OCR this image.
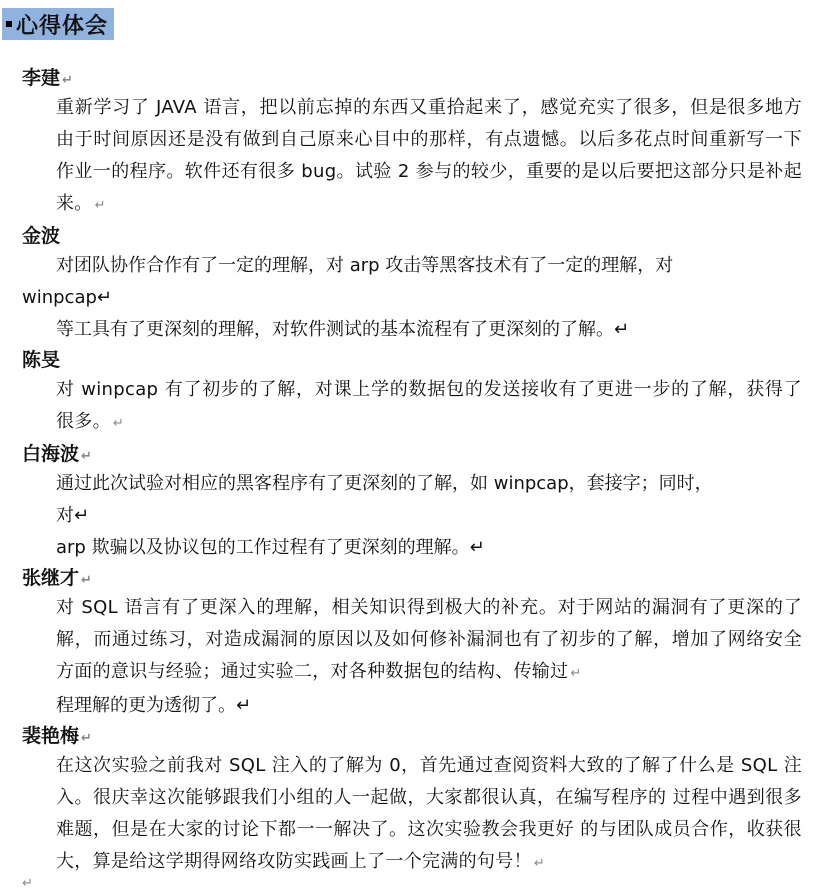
心得体会
李建 ↵
重新学习了 JAVA 语言，把以前忘掉的东西又重拾起来了，感觉充实了很多，但是很多地方由于时间原因还是没有做到自己原来心目中的那样，有点遗憾。以后多花点时间重新写一下作业一的程序。软件还有很多 bug。试验 2 参与的较少，重要的是以后要把这部分只是补起来。 ↵
金波
对团队协作合作有了一定的理解，对 arp 攻击等黑客技术有了一定的理解，对
winpcap↵
等工具有了更深刻的理解，对软件测试的基本流程有了更深刻的了解。↵
陈旻
对 winpcap 有了初步的了解，对课上学的数据包的发送接收有了更进一步的了解，获得了很多。 ↵
白海波 ↵
通过此次试验对相应的黑客程序有了更深刻的了解，如 winpcap，套接字；同时，
对↵
arp 欺骗以及协议包的工作过程有了更深刻的理解。↵
张继才 ↵
对 SQL 语言有了更深入的理解，相关知识得到极大的补充。对于网站的漏洞有了更深的了解，而通过练习，对造成漏洞的原因以及如何修补漏洞也有了初步的了解，增加了网络安全方面的意识与经验；通过实验二，对各种数据包的结构、传输过 ↵
程理解的更为透彻了。↵
裴艳梅 ↵
在这次实验之前我对 SQL 注入的了解为 0，首先通过查阅资料大致的了解了什么是 SQL 注入。很庆幸这次能够跟我们小组的人一起做，大家都很认真，在编写程序的 过程中遇到很多难题，但是在大家的讨论下都一一解决了。这次实验教会我更好 的与团队成员合作，收获很大，算是给这学期得网络攻防实践画上了一个完满的句号！ ↵
↵
